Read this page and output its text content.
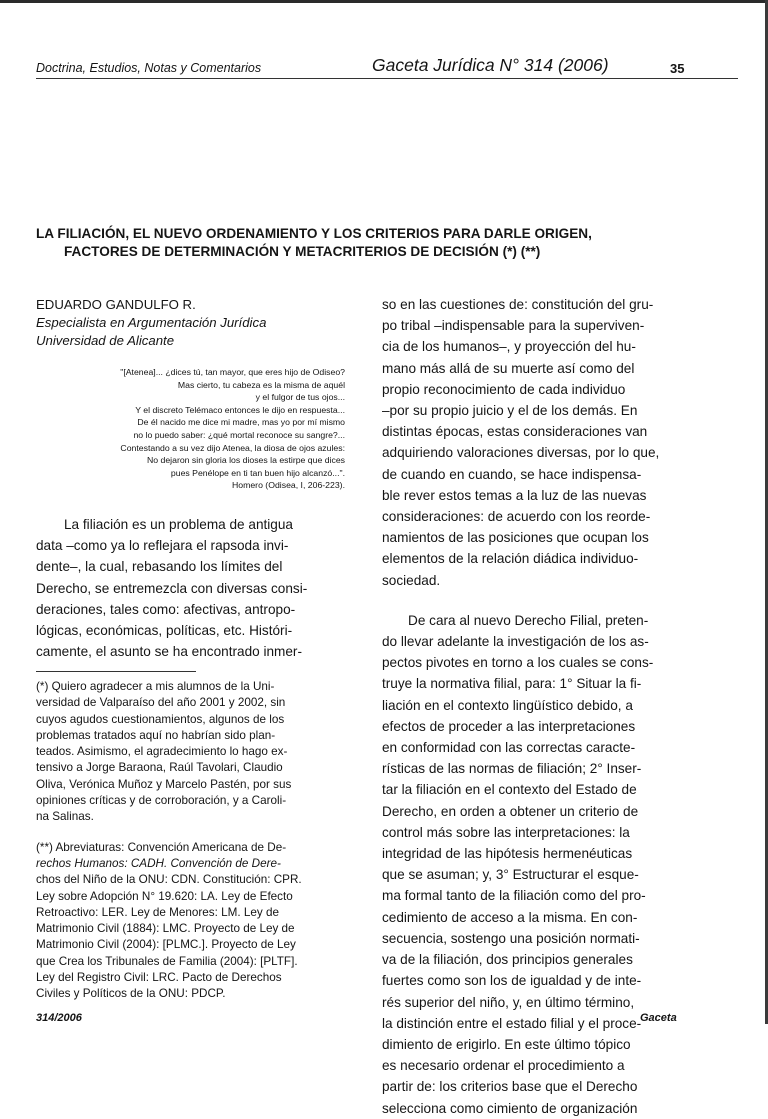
Doctrina, Estudios, Notas y Comentarios	Gaceta Jurídica N° 314 (2006)	35
LA FILIACIÓN, EL NUEVO ORDENAMIENTO Y LOS CRITERIOS PARA DARLE ORIGEN,
FACTORES DE DETERMINACIÓN Y METACRITERIOS DE DECISIÓN (*) (**)
EDUARDO GANDULFO R.
Especialista en Argumentación Jurídica
Universidad de Alicante
"[Atenea]... ¿dices tú, tan mayor, que eres hijo de Odiseo?
Mas cierto, tu cabeza es la misma de aquél
y el fulgor de tus ojos...
Y el discreto Telémaco entonces le dijo en respuesta...
De él nacido me dice mi madre, mas yo por mí mismo
no lo puedo saber: ¿qué mortal reconoce su sangre?...
Contestando a su vez dijo Atenea, la diosa de ojos azules:
No dejaron sin gloria los dioses la estirpe que dices
pues Penélope en ti tan buen hijo alcanzó...".
Homero (Odisea, I, 206-223).
La filiación es un problema de antigua
data –como ya lo reflejara el rapsoda invi-
dente–, la cual, rebasando los límites del
Derecho, se entremezcla con diversas consi-
deraciones, tales como: afectivas, antropo-
lógicas, económicas, políticas, etc. Históri-
camente, el asunto se ha encontrado inmer-
(*) Quiero agradecer a mis alumnos de la Uni-
versidad de Valparaíso del año 2001 y 2002, sin
cuyos agudos cuestionamientos, algunos de los
problemas tratados aquí no habrían sido plan-
teados. Asimismo, el agradecimiento lo hago ex-
tensivo a Jorge Baraona, Raúl Tavolari, Claudio
Oliva, Verónica Muñoz y Marcelo Pastén, por sus
opiniones críticas y de corroboración, y a Caroli-
na Salinas.
(**) Abreviaturas: Convención Americana de De-
rechos Humanos: CADH. Convención de Dere-
chos del Niño de la ONU: CDN. Constitución: CPR.
Ley sobre Adopción N° 19.620: LA. Ley de Efecto
Retroactivo: LER. Ley de Menores: LM. Ley de
Matrimonio Civil (1884): LMC. Proyecto de Ley de
Matrimonio Civil (2004): [PLMC.]. Proyecto de Ley
que Crea los Tribunales de Familia (2004): [PLTF].
Ley del Registro Civil: LRC. Pacto de Derechos
Civiles y Políticos de la ONU: PDCP.
so en las cuestiones de: constitución del gru-
po tribal –indispensable para la superviven-
cia de los humanos–, y proyección del hu-
mano más allá de su muerte así como del
propio reconocimiento de cada individuo
–por su propio juicio y el de los demás. En
distintas épocas, estas consideraciones van
adquiriendo valoraciones diversas, por lo que,
de cuando en cuando, se hace indispensa-
ble rever estos temas a la luz de las nuevas
consideraciones: de acuerdo con los reorde-
namientos de las posiciones que ocupan los
elementos de la relación diádica individuo-
sociedad.
De cara al nuevo Derecho Filial, preten-
do llevar adelante la investigación de los as-
pectos pivotes en torno a los cuales se cons-
truye la normativa filial, para: 1° Situar la fi-
liación en el contexto lingüístico debido, a
efectos de proceder a las interpretaciones
en conformidad con las correctas caracte-
rísticas de las normas de filiación; 2° Inser-
tar la filiación en el contexto del Estado de
Derecho, en orden a obtener un criterio de
control más sobre las interpretaciones: la
integridad de las hipótesis hermenéuticas
que se asuman; y, 3° Estructurar el esque-
ma formal tanto de la filiación como del pro-
cedimiento de acceso a la misma. En con-
secuencia, sostengo una posición normati-
va de la filiación, dos principios generales
fuertes como son los de igualdad y de inte-
rés superior del niño, y, en último término,
la distinción entre el estado filial y el proce-
dimiento de erigirlo. En este último tópico
es necesario ordenar el procedimiento a
partir de: los criterios base que el Derecho
selecciona como cimiento de organización
314/2006	Gaceta
